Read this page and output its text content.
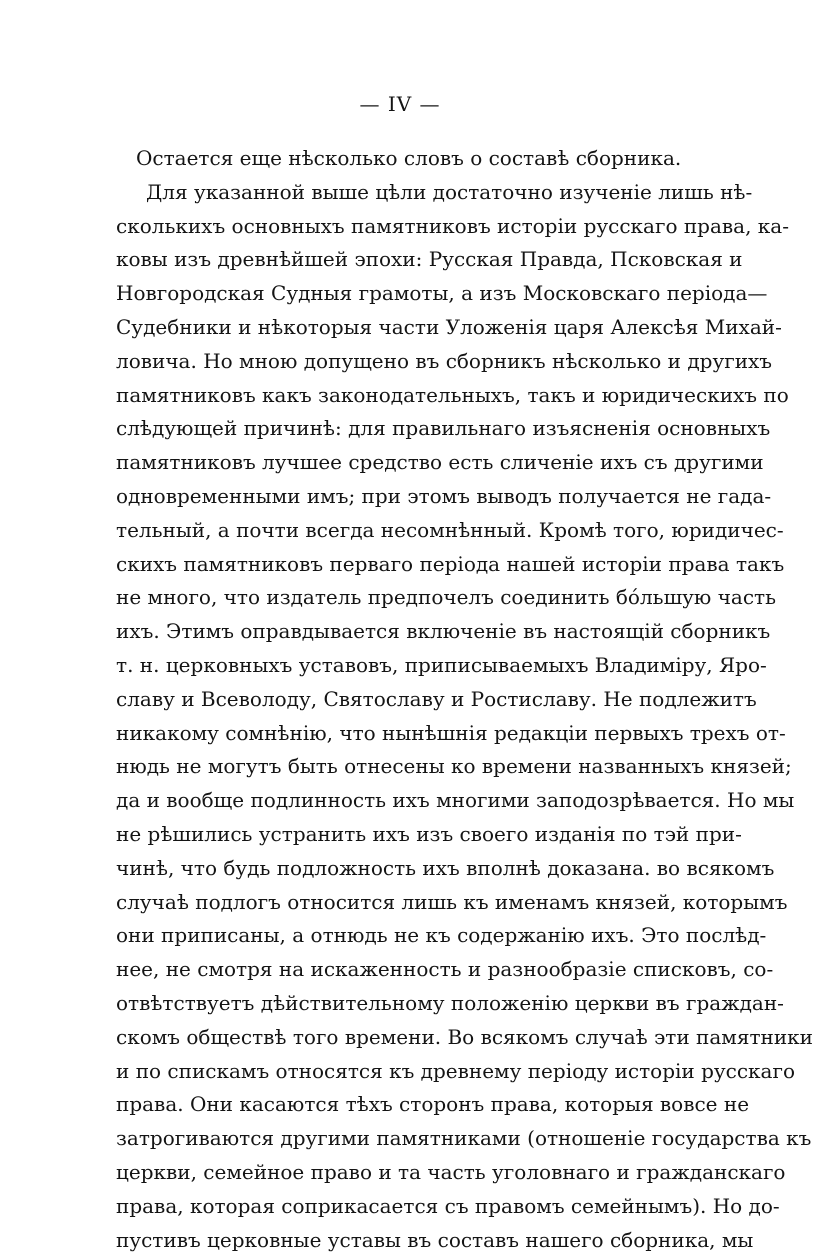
— IV —
Остается еще нѣсколько словъ о составѣ сборника.
Для указанной выше цѣли достаточно изученіе лишь нѣ-
сколькихъ основныхъ памятниковъ исторіи русскаго права, ка-
ковы изъ древнѣйшей эпохи: Русская Правда, Псковская и
Новгородская Судныя грамоты, а изъ Московскаго періода—
Судебники и нѣкоторыя части Уложенія царя Алексѣя Михай-
ловича. Но мною допущено въ сборникъ нѣсколько и другихъ
памятниковъ какъ законодательныхъ, такъ и юридическихъ по
слѣдующей причинѣ: для правильнаго изъясненія основныхъ
памятниковъ лучшее средство есть сличеніе ихъ съ другими
одновременными имъ; при этомъ выводъ получается не гада-
тельный, а почти всегда несомнѣнный. Кромѣ того, юридичес-
скихъ памятниковъ перваго періода нашей исторіи права такъ
не много, что издатель предпочелъ соединить бóльшую часть
ихъ. Этимъ оправдывается включеніе въ настоящій сборникъ
т. н. церковныхъ уставовъ, приписываемыхъ Владиміру, Яро-
славу и Всеволоду, Святославу и Ростиславу. Не подлежитъ
никакому сомнѣнію, что нынѣшнія редакціи первыхъ трехъ от-
нюдь не могутъ быть отнесены ко времени названныхъ князей;
да и вообще подлинность ихъ многими заподозрѣвается. Но мы
не рѣшились устранить ихъ изъ своего изданія по тэй при-
чинѣ, что будь подложность ихъ вполнѣ доказана. во всякомъ
случаѣ подлогъ относится лишь къ именамъ князей, которымъ
они приписаны, а отнюдь не къ содержанію ихъ. Это послѣд-
нее, не смотря на искаженность и разнообразіе списковъ, со-
отвѣтствуетъ дѣйствительному положенію церкви въ граждан-
скомъ обществѣ того времени. Во всякомъ случаѣ эти памятники
и по спискамъ относятся къ древнему періоду исторіи русскаго
права. Они касаются тѣхъ сторонъ права, которыя вовсе не
затрогиваются другими памятниками (отношеніе государства къ
церкви, семейное право и та часть уголовнаго и гражданскаго
права, которая соприкасается съ правомъ семейнымъ). Но до-
пустивъ церковные уставы въ составъ нашего сборника, мы
